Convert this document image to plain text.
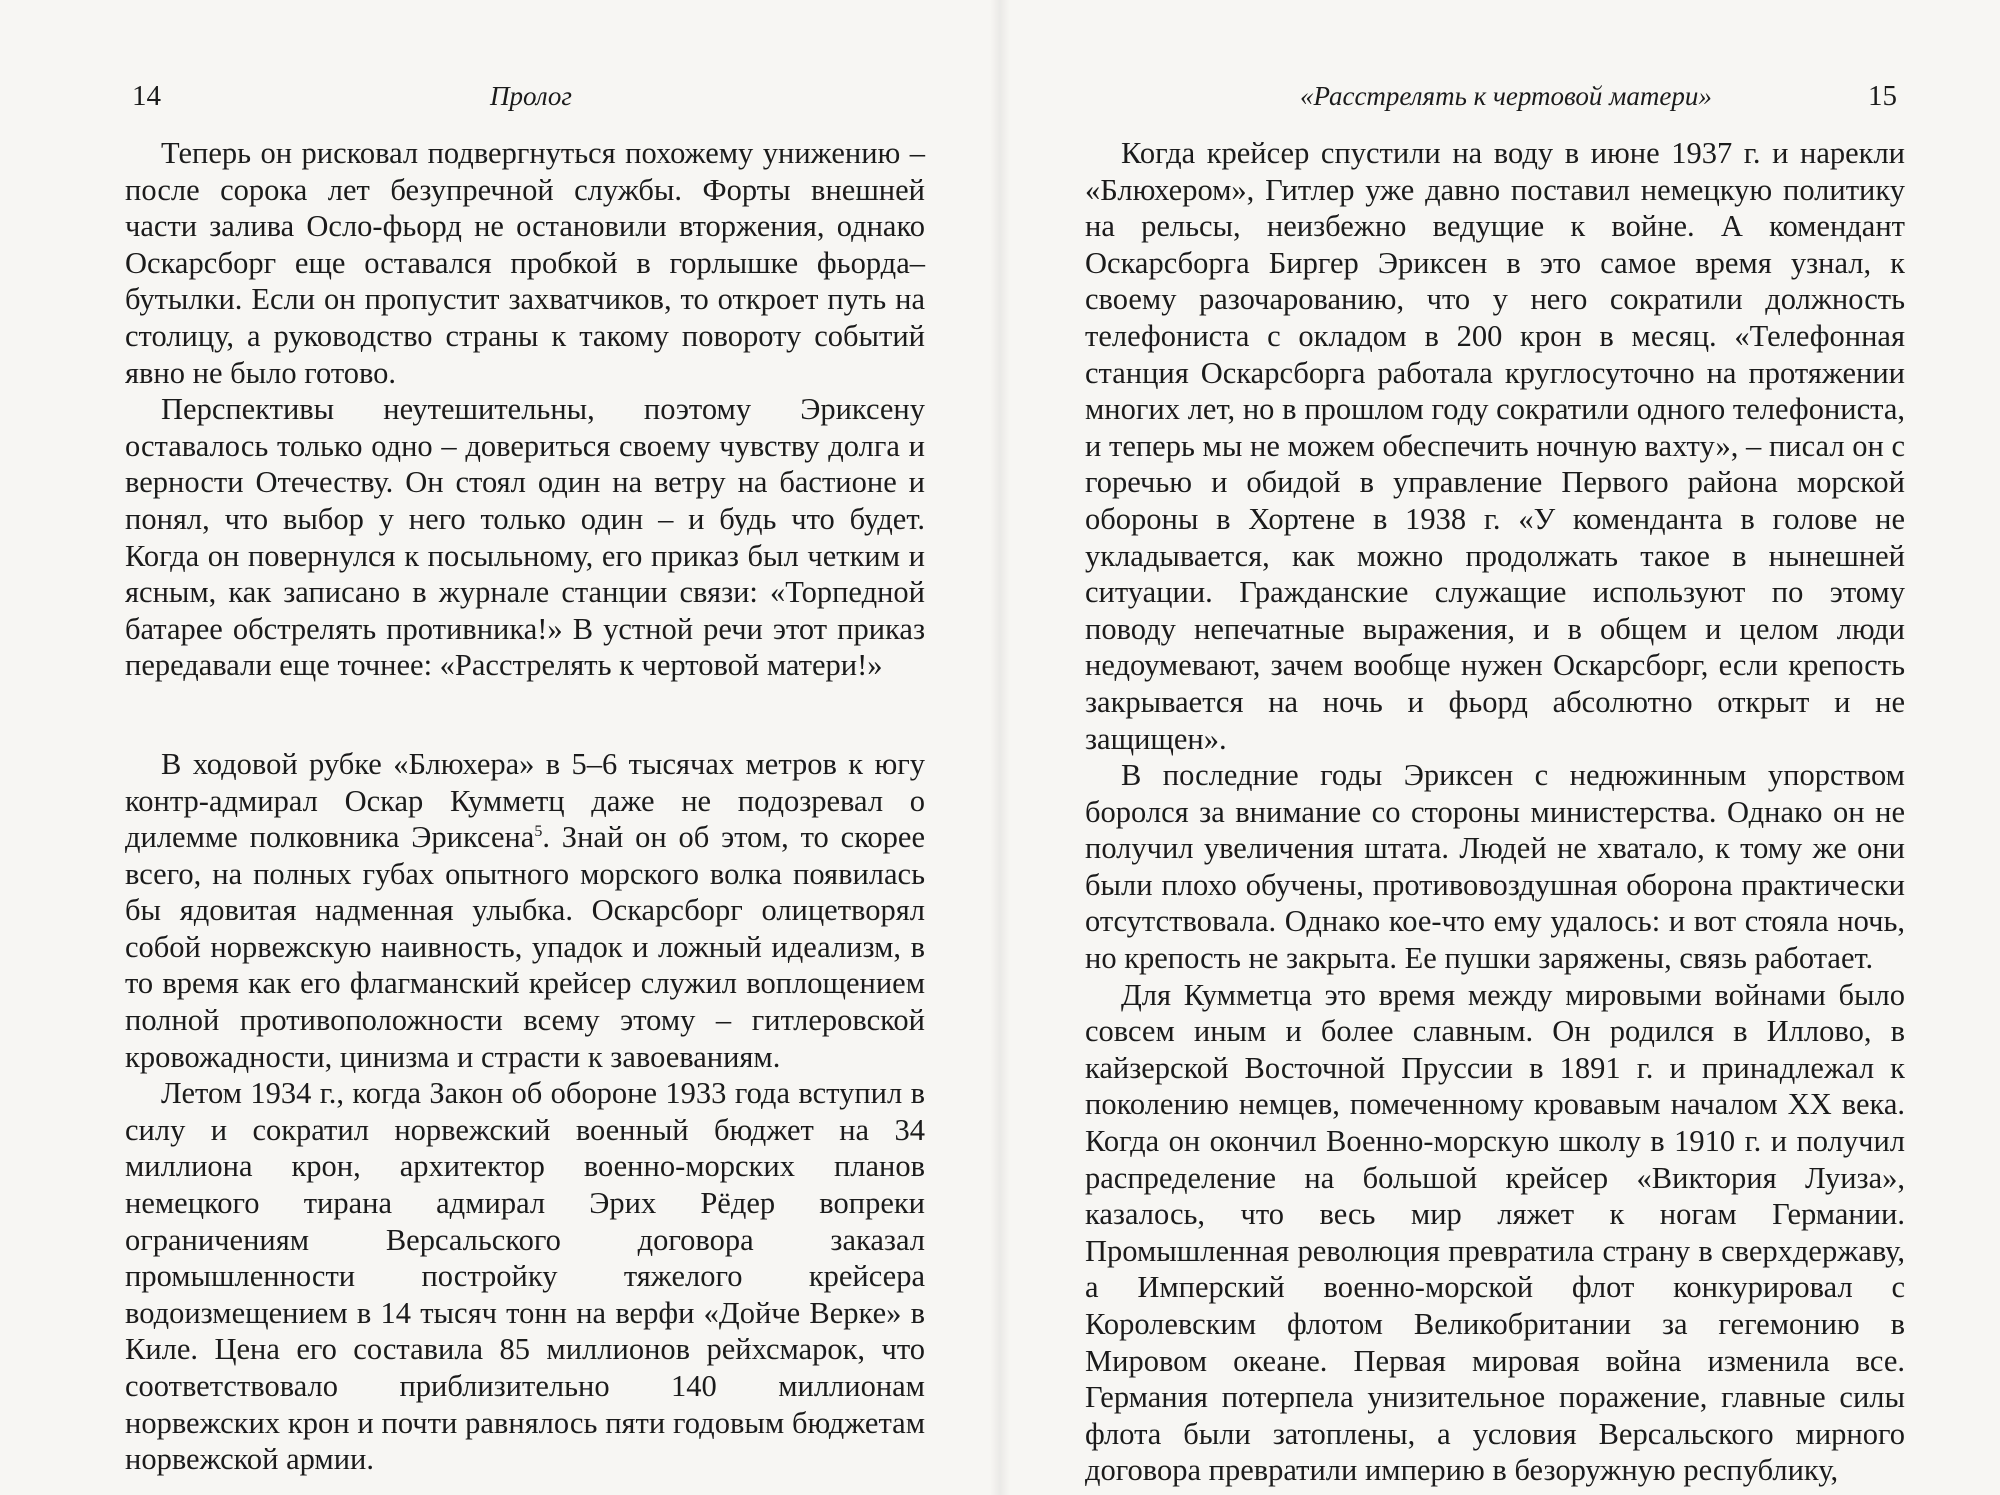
14	Пролог

Теперь он рисковал подвергнуться похожему унижению – после сорока лет безупречной службы. Форты внешней части залива Осло-фьорд не остановили вторжения, однако Оскарсборг еще оставался пробкой в горлышке фьорда–бутылки. Если он пропустит захватчиков, то откроет путь на столицу, а руководство страны к такому повороту событий явно не было готово.

Перспективы неутешительны, поэтому Эриксену оставалось только одно – довериться своему чувству долга и верности Отечеству. Он стоял один на ветру на бастионе и понял, что выбор у него только один – и будь что будет. Когда он повернулся к посыльному, его приказ был четким и ясным, как записано в журнале станции связи: «Торпедной батарее обстрелять противника!» В устной речи этот приказ передавали еще точнее: «Расстрелять к чертовой матери!»

В ходовой рубке «Блюхера» в 5–6 тысячах метров к югу контр-адмирал Оскар Кумметц даже не подозревал о дилемме полковника Эриксена$^5$. Знай он об этом, то скорее всего, на полных губах опытного морского волка появилась бы ядовитая надменная улыбка. Оскарсборг олицетворял собой норвежскую наивность, упадок и ложный идеализм, в то время как его флагманский крейсер служил воплощением полной противоположности всему этому – гитлеровской кровожадности, цинизма и страсти к завоеваниям.

Летом 1934 г., когда Закон об обороне 1933 года вступил в силу и сократил норвежский военный бюджет на 34 миллиона крон, архитектор военно-морских планов немецкого тирана адмирал Эрих Рёдер вопреки ограничениям Версальского договора заказал промышленности постройку тяжелого крейсера водоизмещением в 14 тысяч тонн на верфи «Дойче Верке» в Киле. Цена его составила 85 миллионов рейхсмарок, что соответствовало приблизительно 140 миллионам норвежских крон и почти равнялось пяти годовым бюджетам норвежской армии.

«Расстрелять к чертовой матери»	15

Когда крейсер спустили на воду в июне 1937 г. и нарекли «Блюхером», Гитлер уже давно поставил немецкую политику на рельсы, неизбежно ведущие к войне. А комендант Оскарсборга Биргер Эриксен в это самое время узнал, к своему разочарованию, что у него сократили должность телефониста с окладом в 200 крон в месяц. «Телефонная станция Оскарсборга работала круглосуточно на протяжении многих лет, но в прошлом году сократили одного телефониста, и теперь мы не можем обеспечить ночную вахту», – писал он с горечью и обидой в управление Первого района морской обороны в Хортене в 1938 г. «У коменданта в голове не укладывается, как можно продолжать такое в нынешней ситуации. Гражданские служащие используют по этому поводу непечатные выражения, и в общем и целом люди недоумевают, зачем вообще нужен Оскарсборг, если крепость закрывается на ночь и фьорд абсолютно открыт и не защищен».

В последние годы Эриксен с недюжинным упорством боролся за внимание со стороны министерства. Однако он не получил увеличения штата. Людей не хватало, к тому же они были плохо обучены, противовоздушная оборона практически отсутствовала. Однако кое-что ему удалось: и вот стояла ночь, но крепость не закрыта. Ее пушки заряжены, связь работает.

Для Кумметца это время между мировыми войнами было совсем иным и более славным. Он родился в Иллово, в кайзерской Восточной Пруссии в 1891 г. и принадлежал к поколению немцев, помеченному кровавым началом XX века. Когда он окончил Военно-морскую школу в 1910 г. и получил распределение на большой крейсер «Виктория Луиза», казалось, что весь мир ляжет к ногам Германии. Промышленная революция превратила страну в сверхдержаву, а Имперский военно-морской флот конкурировал с Королевским флотом Великобритании за гегемонию в Мировом океане. Первая мировая война изменила все. Германия потерпела унизительное поражение, главные силы флота были затоплены, а условия Версальского мирного договора превратили империю в безоружную республику,
